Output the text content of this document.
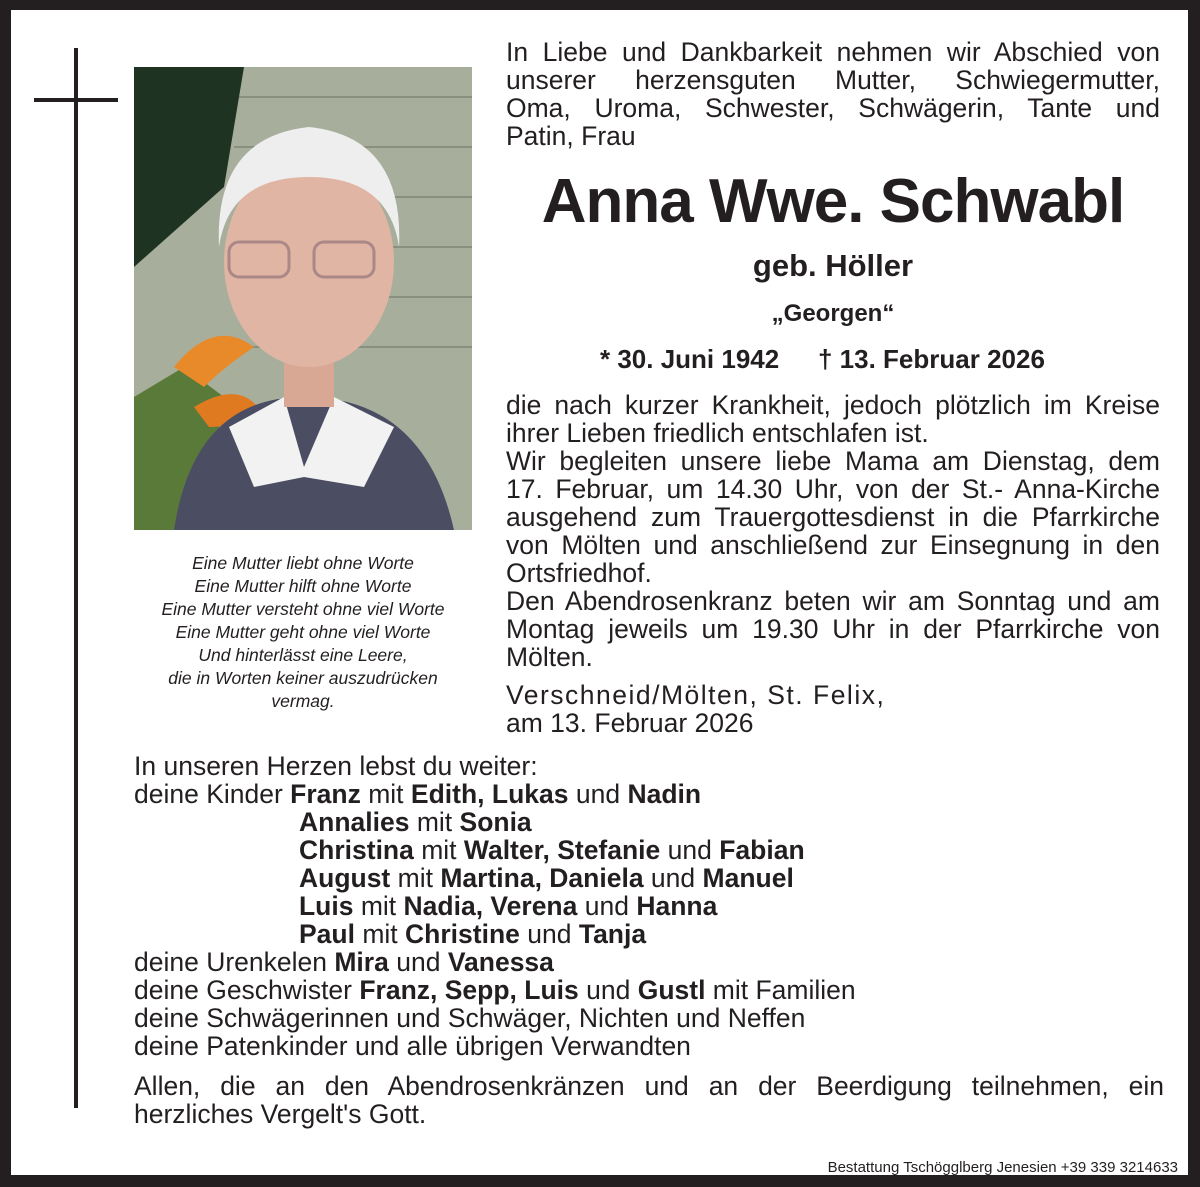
Eine Mutter liebt ohne Worte
Eine Mutter hilft ohne Worte
Eine Mutter versteht ohne viel Worte
Eine Mutter geht ohne viel Worte
Und hinterlässt eine Leere,
die in Worten keiner auszudrücken
vermag.
In Liebe und Dankbarkeit nehmen wir Abschied von
unserer herzensguten Mutter, Schwiegermutter,
Oma, Uroma, Schwester, Schwägerin, Tante und
Patin, Frau
Anna Wwe. Schwabl
geb. Höller
„Georgen“
* 30. Juni 1942 † 13. Februar 2026
die nach kurzer Krankheit, jedoch plötzlich im Kreise
ihrer Lieben friedlich entschlafen ist.
Wir begleiten unsere liebe Mama am Dienstag, dem
17. Februar, um 14.30 Uhr, von der St.- Anna-Kirche
ausgehend zum Trauergottesdienst in die Pfarrkirche
von Mölten und anschließend zur Einsegnung in den
Ortsfriedhof.
Den Abendrosenkranz beten wir am Sonntag und am
Montag jeweils um 19.30 Uhr in der Pfarrkirche von
Mölten.
Verschneid/Mölten, St. Felix,
am 13. Februar 2026
In unseren Herzen lebst du weiter:
deine Kinder Franz mit Edith, Lukas und Nadin
Annalies mit Sonia
Christina mit Walter, Stefanie und Fabian
August mit Martina, Daniela und Manuel
Luis mit Nadia, Verena und Hanna
Paul mit Christine und Tanja
deine Urenkelen Mira und Vanessa
deine Geschwister Franz, Sepp, Luis und Gustl mit Familien
deine Schwägerinnen und Schwäger, Nichten und Neffen
deine Patenkinder und alle übrigen Verwandten
Allen, die an den Abendrosenkränzen und an der Beerdigung teilnehmen, ein
herzliches Vergelt's Gott.
Bestattung Tschögglberg Jenesien +39 339 3214633
